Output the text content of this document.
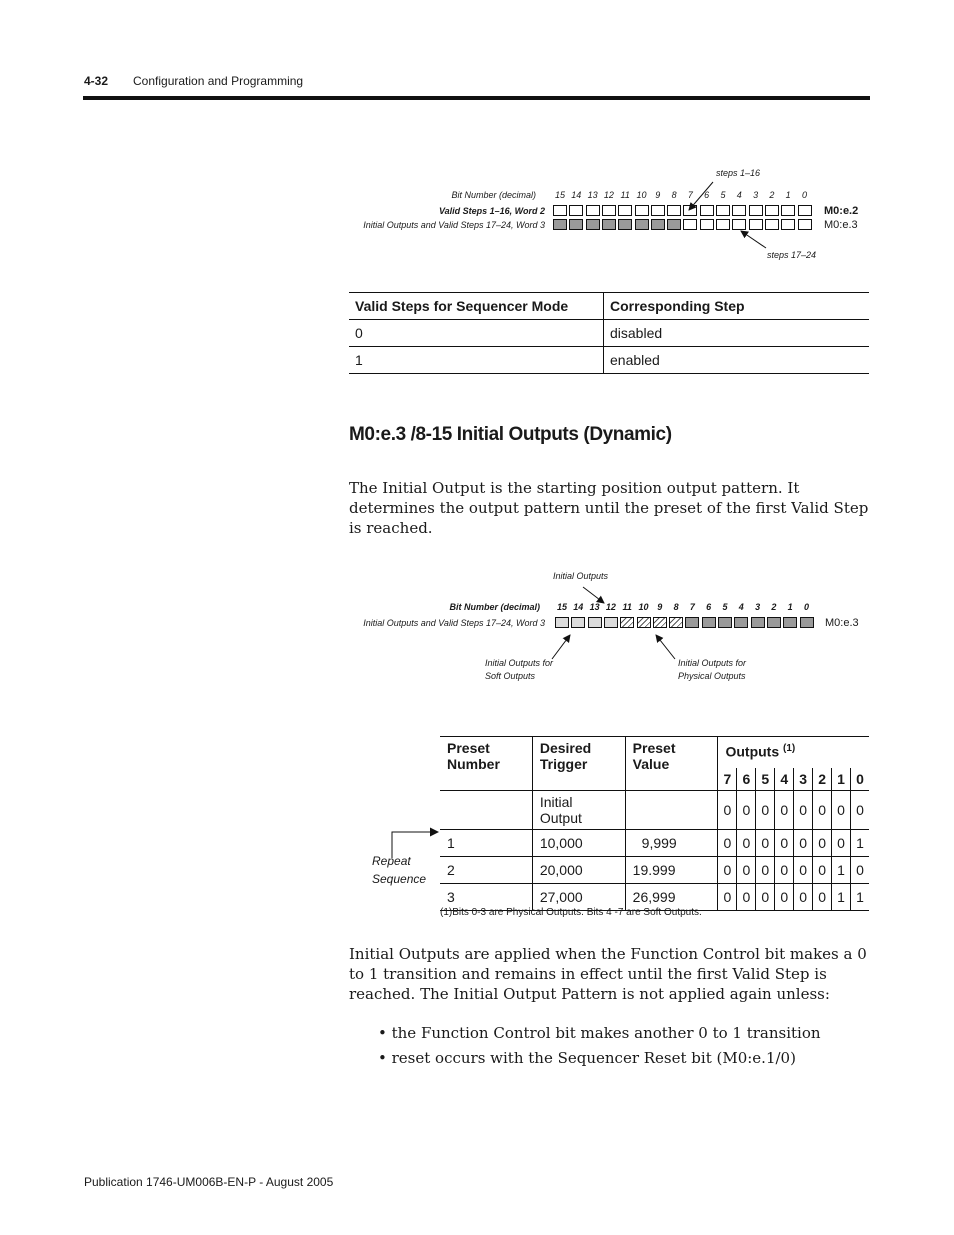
4-32 Configuration and Programming
steps 1–16
steps 17–24
Bit Number (decimal)
Valid Steps 1–16, Word 2
Initial Outputs and Valid Steps 17–24, Word 3
15 14 13 12 11 10 9	8	7	6	5	4	3	2	1	0
M0:e.2
M0:e.3
Valid Steps for Sequencer Mode	Corresponding Step
0	disabled
1	enabled
M0:e.3 /8-15 Initial Outputs (Dynamic)

The Initial Output is the starting position output pattern. It determines the output pattern until the preset of the first Valid Step is reached.

Initial Outputs
Initial Outputs for
Soft Outputs
Initial Outputs for
Physical Outputs
Bit Number (decimal)
Initial Outputs and Valid Steps 17–24, Word 3
15 14 13 12 11 10 9	8	7	6	5	4	3	2	1	0
M0:e.3
Repeat
Sequence
Preset Number	Desired Trigger	Preset Value	Outputs $^{(1)}$
			7	6	5	4	3	2	1	0
	Initial Output		0	0	0	0	0	0	0	0
1	10,000	9,999	0	0	0	0	0	0	0	1
2	20,000	19.999	0	0	0	0	0	0	1	0
3	27,000	26,999	0	0	0	0	0	0	1	1
(1)Bits 0-3 are Physical Outputs. Bits 4 -7 are Soft Outputs.

Initial Outputs are applied when the Function Control bit makes a 0 to 1 transition and remains in effect until the first Valid Step is reached. The Initial Output Pattern is not applied again unless:

• the Function Control bit makes another 0 to 1 transition
• reset occurs with the Sequencer Reset bit (M0:e.1/0)
Publication 1746-UM006B-EN-P - August 2005
